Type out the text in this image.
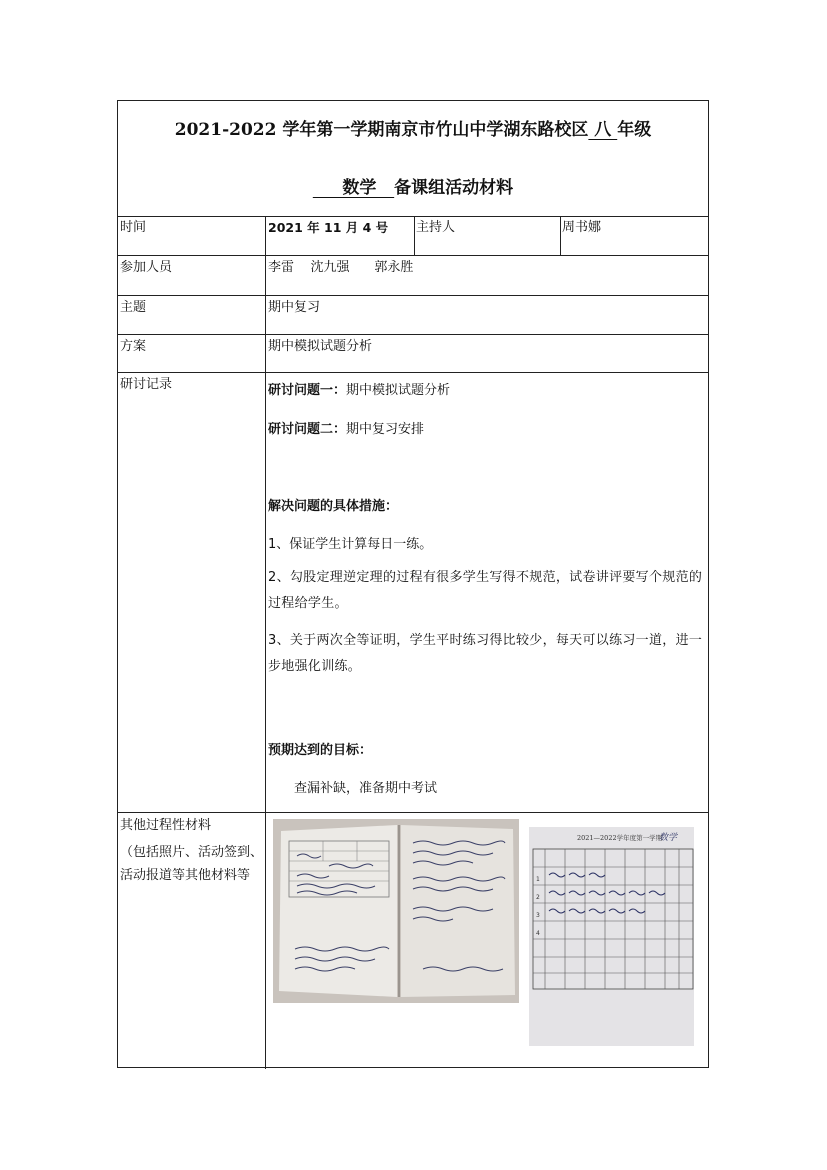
2021-2022 学年第一学期南京市竹山中学湖东路校区 八 年级
数学   备课组活动材料
时间	2021 年 11 月 4 号	主持人	周书娜
参加人员	李雷    沈九强      郭永胜
主题	期中复习
方案	期中模拟试题分析
研讨记录	研讨问题一：期中模拟试题分析
研讨问题二：期中复习安排
解决问题的具体措施：
1、保证学生计算每日一练。
2、勾股定理逆定理的过程有很多学生写得不规范，试卷讲评要写个规范的过程给学生。
3、关于两次全等证明，学生平时练习得比较少，每天可以练习一道，进一步地强化训练。
预期达到的目标：
查漏补缺，准备期中考试
其他过程性材料
（包括照片、活动签到、活动报道等其他材料等
2021—2022学年度第一学期
数学
1
2
3
4
